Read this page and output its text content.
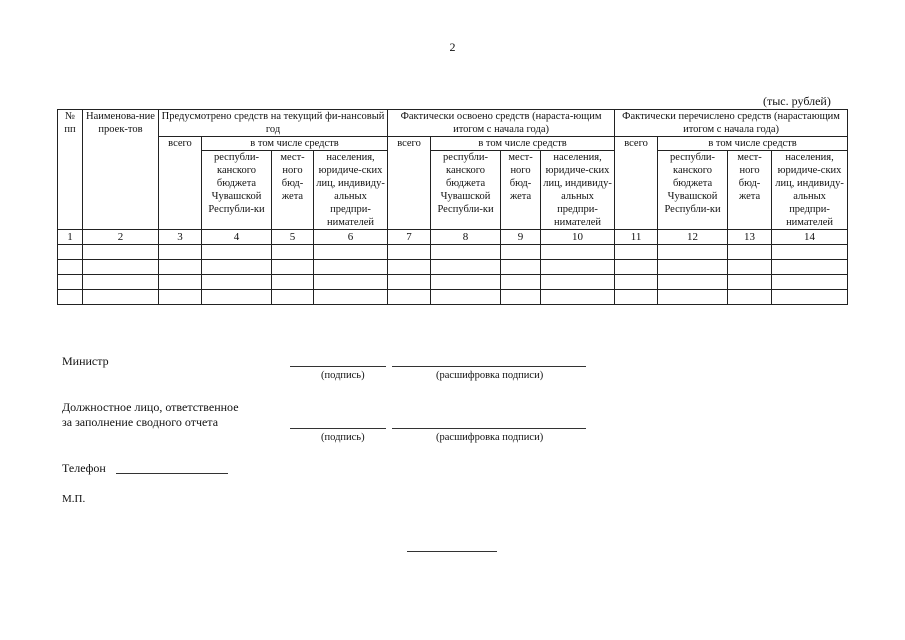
2
(тыс. рублей)
№ пп	Наименова-ние проек-тов	Предусмотрено средств на текущий фи-нансовый год				Фактически освоено средств (нараста-ющим итогом с начала года)				Фактически перечислено средств (нарастающим итогом с начала года)			
		всего	в том числе средств			всего	в том числе средств			всего	в том числе средств		
			республи-канского бюджета Чувашской Республи-ки	мест-ного бюд-жета	населения, юридиче-ских лиц, индивиду-альных предпри-нимателей		республи-канского бюджета Чувашской Республи-ки	мест-ного бюд-жета	населения, юридиче-ских лиц, индивиду-альных предпри-нимателей		республи-канского бюджета Чувашской Республи-ки	мест-ного бюд-жета	населения, юридиче-ских лиц, индивиду-альных предпри-нимателей
1	2	3	4	5	6	7	8	9	10	11	12	13	14

Министр
(подпись)	(расшифровка подписи)
Должностное лицо, ответственное
за заполнение сводного отчета
(подпись)	(расшифровка подписи)
Телефон
М.П.
